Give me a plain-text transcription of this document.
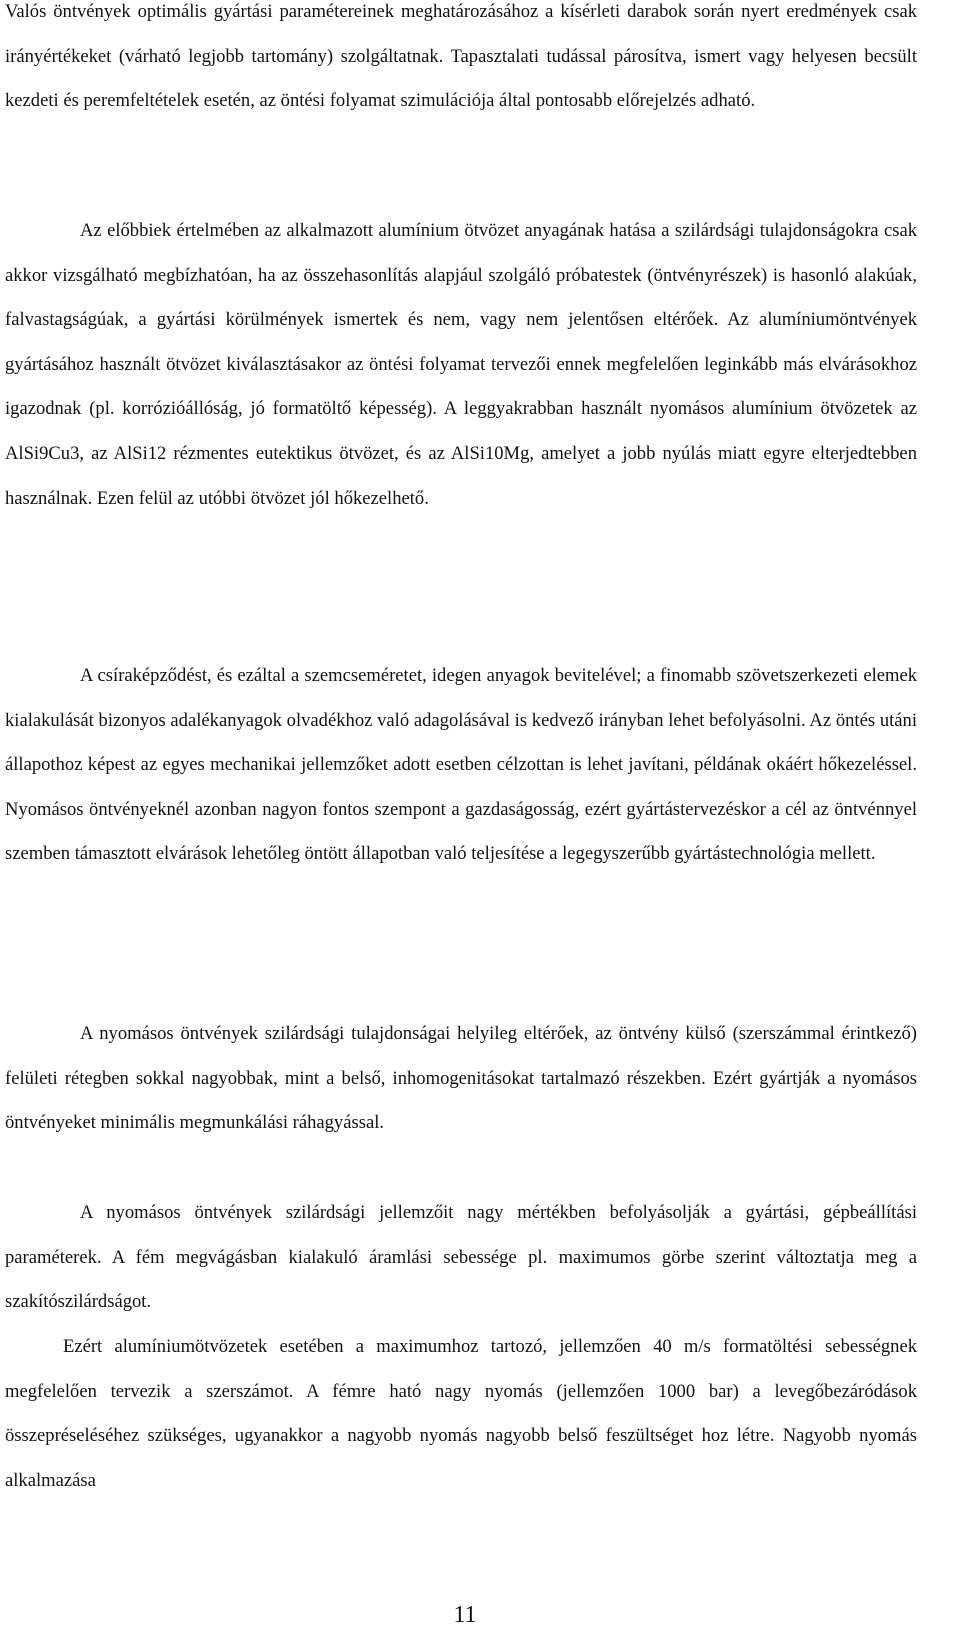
Valós öntvények optimális gyártási paramétereinek meghatározásához a kísérleti darabok során nyert eredmények csak irányértékeket (várható legjobb tartomány) szolgáltatnak. Tapasztalati tudással párosítva, ismert vagy helyesen becsült kezdeti és peremfeltételek esetén, az öntési folyamat szimulációja által pontosabb előrejelzés adható.

Az előbbiek értelmében az alkalmazott alumínium ötvözet anyagának hatása a szilárdsági tulajdonságokra csak akkor vizsgálható megbízhatóan, ha az összehasonlítás alapjául szolgáló próbatestek (öntvényrészek) is hasonló alakúak, falvastagságúak, a gyártási körülmények ismertek és nem, vagy nem jelentősen eltérőek. Az alumíniumöntvények gyártásához használt ötvözet kiválasztásakor az öntési folyamat tervezői ennek megfelelően leginkább más elvárásokhoz igazodnak (pl. korrózióállóság, jó formatöltő képesség). A leggyakrabban használt nyomásos alumínium ötvözetek az AlSi9Cu3, az AlSi12 rézmentes eutektikus ötvözet, és az AlSi10Mg, amelyet a jobb nyúlás miatt egyre elterjedtebben használnak. Ezen felül az utóbbi ötvözet jól hőkezelhető.

A csíraképződést, és ezáltal a szemcseméretet, idegen anyagok bevitelével; a finomabb szövetszerkezeti elemek kialakulását bizonyos adalékanyagok olvadékhoz való adagolásával is kedvező irányban lehet befolyásolni. Az öntés utáni állapothoz képest az egyes mechanikai jellemzőket adott esetben célzottan is lehet javítani, példának okáért hőkezeléssel. Nyomásos öntvényeknél azonban nagyon fontos szempont a gazdaságosság, ezért gyártástervezéskor a cél az öntvénnyel szemben támasztott elvárások lehetőleg öntött állapotban való teljesítése a legegyszerűbb gyártástechnológia mellett.

A nyomásos öntvények szilárdsági tulajdonságai helyileg eltérőek, az öntvény külső (szerszámmal érintkező) felületi rétegben sokkal nagyobbak, mint a belső, inhomogenitásokat tartalmazó részekben. Ezért gyártják a nyomásos öntvényeket minimális megmunkálási ráhagyással.

A nyomásos öntvények szilárdsági jellemzőit nagy mértékben befolyásolják a gyártási, gépbeállítási paraméterek. A fém megvágásban kialakuló áramlási sebessége pl. maximumos görbe szerint változtatja meg a szakítószilárdságot.

Ezért alumíniumötvözetek esetében a maximumhoz tartozó, jellemzően 40 m/s formatöltési sebességnek megfelelően tervezik a szerszámot. A fémre ható nagy nyomás (jellemzően 1000 bar) a levegőbezáródások összepréseléséhez szükséges, ugyanakkor a nagyobb nyomás nagyobb belső feszültséget hoz létre. Nagyobb nyomás alkalmazása

11
